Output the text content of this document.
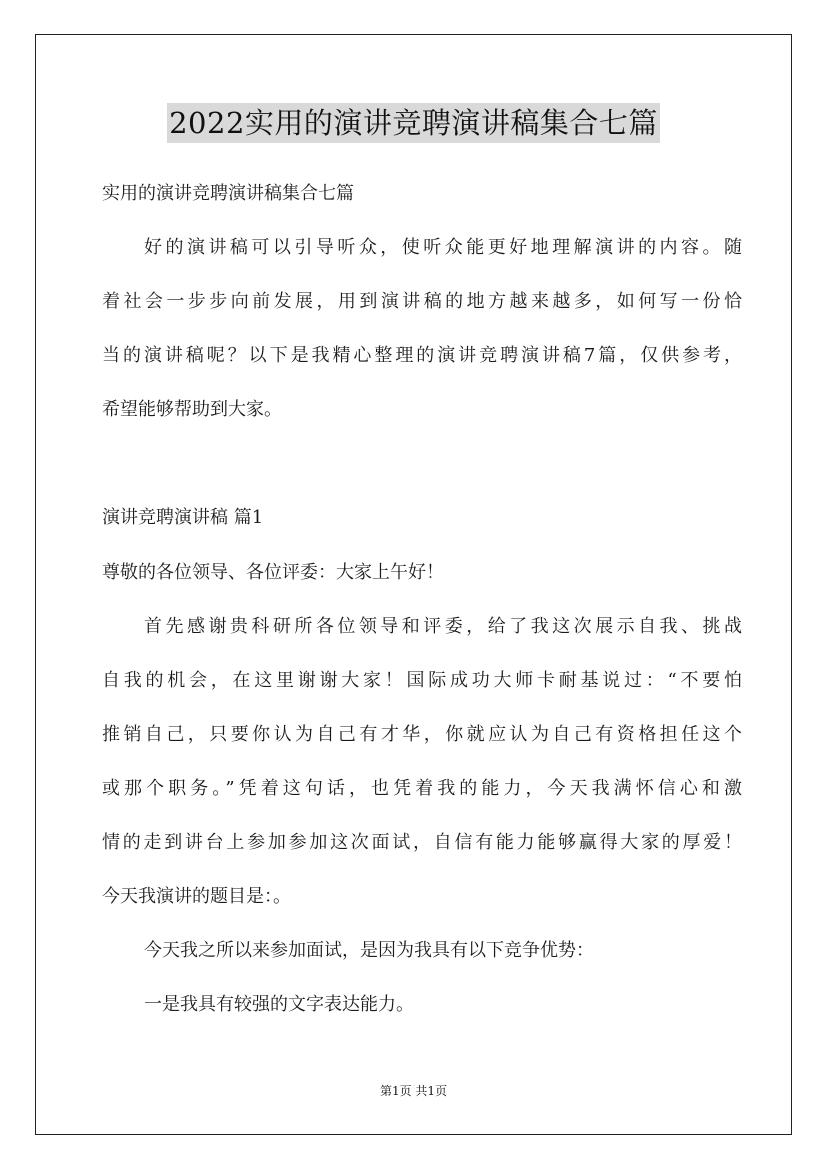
2022实用的演讲竞聘演讲稿集合七篇
实用的演讲竞聘演讲稿集合七篇
好的演讲稿可以引导听众，使听众能更好地理解演讲的内容。随
着社会一步步向前发展，用到演讲稿的地方越来越多，如何写一份恰
当的演讲稿呢？以下是我精心整理的演讲竞聘演讲稿7篇，仅供参考，
希望能够帮助到大家。
演讲竞聘演讲稿 篇1
尊敬的各位领导、各位评委：大家上午好！
首先感谢贵科研所各位领导和评委，给了我这次展示自我、挑战
自我的机会，在这里谢谢大家！国际成功大师卡耐基说过：“不要怕
推销自己，只要你认为自己有才华，你就应认为自己有资格担任这个
或那个职务。”凭着这句话，也凭着我的能力，今天我满怀信心和激
情的走到讲台上参加参加这次面试，自信有能力能够赢得大家的厚爱！
今天我演讲的题目是：。
今天我之所以来参加面试，是因为我具有以下竞争优势：
一是我具有较强的文字表达能力。
第1页 共1页
